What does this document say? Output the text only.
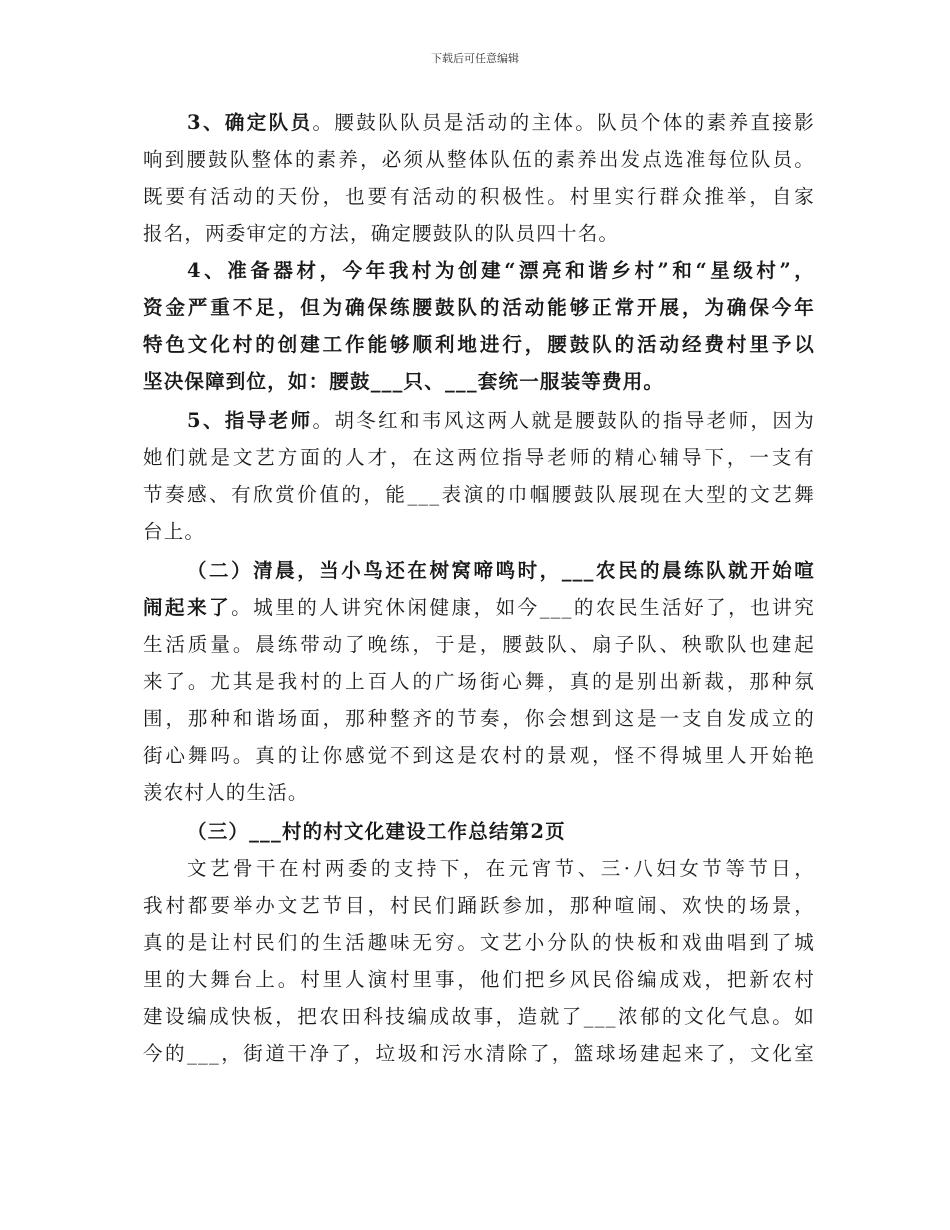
下载后可任意编辑
3、确定队员。腰鼓队队员是活动的主体。队员个体的素养直接影
响到腰鼓队整体的素养，必须从整体队伍的素养出发点选准每位队员。
既要有活动的天份，也要有活动的积极性。村里实行群众推举，自家
报名，两委审定的方法，确定腰鼓队的队员四十名。
4、准备器材，今年我村为创建“漂亮和谐乡村”和“星级村”，
资金严重不足，但为确保练腰鼓队的活动能够正常开展，为确保今年
特色文化村的创建工作能够顺利地进行，腰鼓队的活动经费村里予以
坚决保障到位，如：腰鼓___只、___套统一服装等费用。
5、指导老师。胡冬红和韦风这两人就是腰鼓队的指导老师，因为
她们就是文艺方面的人才，在这两位指导老师的精心辅导下，一支有
节奏感、有欣赏价值的，能___表演的巾帼腰鼓队展现在大型的文艺舞
台上。
（二）清晨，当小鸟还在树窝啼鸣时，___农民的晨练队就开始喧
闹起来了。城里的人讲究休闲健康，如今___的农民生活好了，也讲究
生活质量。晨练带动了晚练，于是，腰鼓队、扇子队、秧歌队也建起
来了。尤其是我村的上百人的广场街心舞，真的是别出新裁，那种氛
围，那种和谐场面，那种整齐的节奏，你会想到这是一支自发成立的
街心舞吗。真的让你感觉不到这是农村的景观，怪不得城里人开始艳
羡农村人的生活。
（三）___村的村文化建设工作总结第2页
文艺骨干在村两委的支持下，在元宵节、三·八妇女节等节日，
我村都要举办文艺节目，村民们踊跃参加，那种喧闹、欢快的场景，
真的是让村民们的生活趣味无穷。文艺小分队的快板和戏曲唱到了城
里的大舞台上。村里人演村里事，他们把乡风民俗编成戏，把新农村
建设编成快板，把农田科技编成故事，造就了___浓郁的文化气息。如
今的___，街道干净了，垃圾和污水清除了，篮球场建起来了，文化室
